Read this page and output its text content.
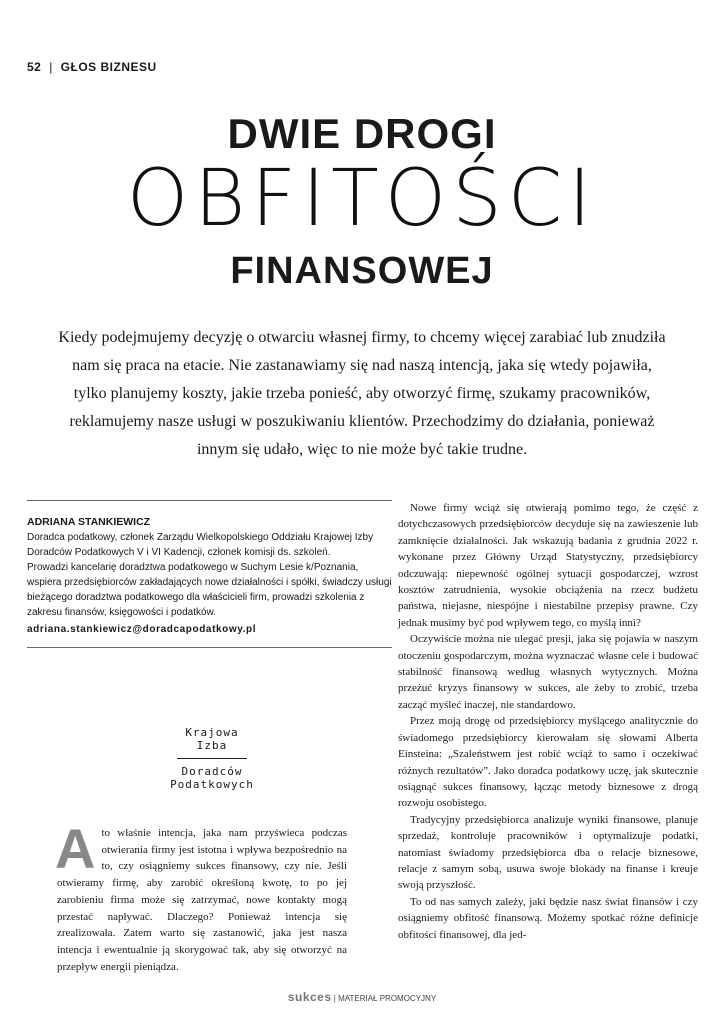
52 | GŁOS BIZNESU
DWIE DROGI
OBFITOŚCI
FINANSOWEJ
Kiedy podejmujemy decyzję o otwarciu własnej firmy, to chcemy więcej zarabiać lub znudziła nam się praca na etacie. Nie zastanawiamy się nad naszą intencją, jaka się wtedy pojawiła, tylko planujemy koszty, jakie trzeba ponieść, aby otworzyć firmę, szukamy pracowników, reklamujemy nasze usługi w poszukiwaniu klientów. Przechodzimy do działania, ponieważ innym się udało, więc to nie może być takie trudne.
ADRIANA STANKIEWICZ
Doradca podatkowy, członek Zarządu Wielkopolskiego Oddziału Krajowej Izby Doradców Podatkowych V i VI Kadencji, członek komisji ds. szkoleń.
Prowadzi kancelarię doradztwa podatkowego w Suchym Lesie k/Poznania, wspiera przedsiębiorców zakładających nowe działalności i spółki, świadczy usługi bieżącego doradztwa podatkowego dla właścicieli firm, prowadzi szkolenia z zakresu finansów, księgowości i podatków.
adriana.stankiewicz@doradcapodatkowy.pl
Krajowa
Izba
Doradców
Podatkowych
A to właśnie intencja, jaka nam przyświeca podczas otwierania firmy jest istotna i wpływa bezpośrednio na to, czy osiągniemy sukces finansowy, czy nie. Jeśli otwieramy firmę, aby zarobić określoną kwotę, to po jej zarobieniu firma może się zatrzymać, nowe kontakty mogą przestać napływać. Dlaczego? Ponieważ intencja się zrealizowała. Zatem warto się zastanowić, jaka jest nasza intencja i ewentualnie ją skorygować tak, aby się otworzyć na przepływ energii pieniądza.

Nowe firmy wciąż się otwierają pomimo tego, że część z dotychczasowych przedsiębiorców decyduje się na zawieszenie lub zamknięcie działalności. Jak wskazują badania z grudnia 2022 r. wykonane przez Główny Urząd Statystyczny, przedsiębiorcy odczuwają: niepewność ogólnej sytuacji gospodarczej, wzrost kosztów zatrudnienia, wysokie obciążenia na rzecz budżetu państwa, niejasne, niespójne i niestabilne przepisy prawne. Czy jednak musimy być pod wpływem tego, co myślą inni?

Oczywiście można nie ulegać presji, jaka się pojawia w naszym otoczeniu gospodarczym, można wyznaczać własne cele i budować stabilność finansową według własnych wytycznych. Można przeżuć kryzys finansowy w sukces, ale żeby to zrobić, trzeba zacząć myśleć inaczej, nie standardowo.

Przez moją drogę od przedsiębiorcy myślącego analitycznie do świadomego przedsiębiorcy kierowałam się słowami Alberta Einsteina: „Szaleństwem jest robić wciąż to samo i oczekiwać różnych rezultatów”. Jako doradca podatkowy uczę, jak skutecznie osiągnąć sukces finansowy, łącząc metody biznesowe z drogą rozwoju osobistego.

Tradycyjny przedsiębiorca analizuje wyniki finansowe, planuje sprzedaż, kontroluje pracowników i optymalizuje podatki, natomiast świadomy przedsiębiorca dba o relacje biznesowe, relacje z samym sobą, usuwa swoje blokady na finanse i kreuje swoją przyszłość.

To od nas samych zależy, jaki będzie nasz świat finansów i czy osiągniemy obfitość finansową. Możemy spotkać różne definicje obfitości finansowej, dla jed-

sukces | MATERIAŁ PROMOCYJNY
